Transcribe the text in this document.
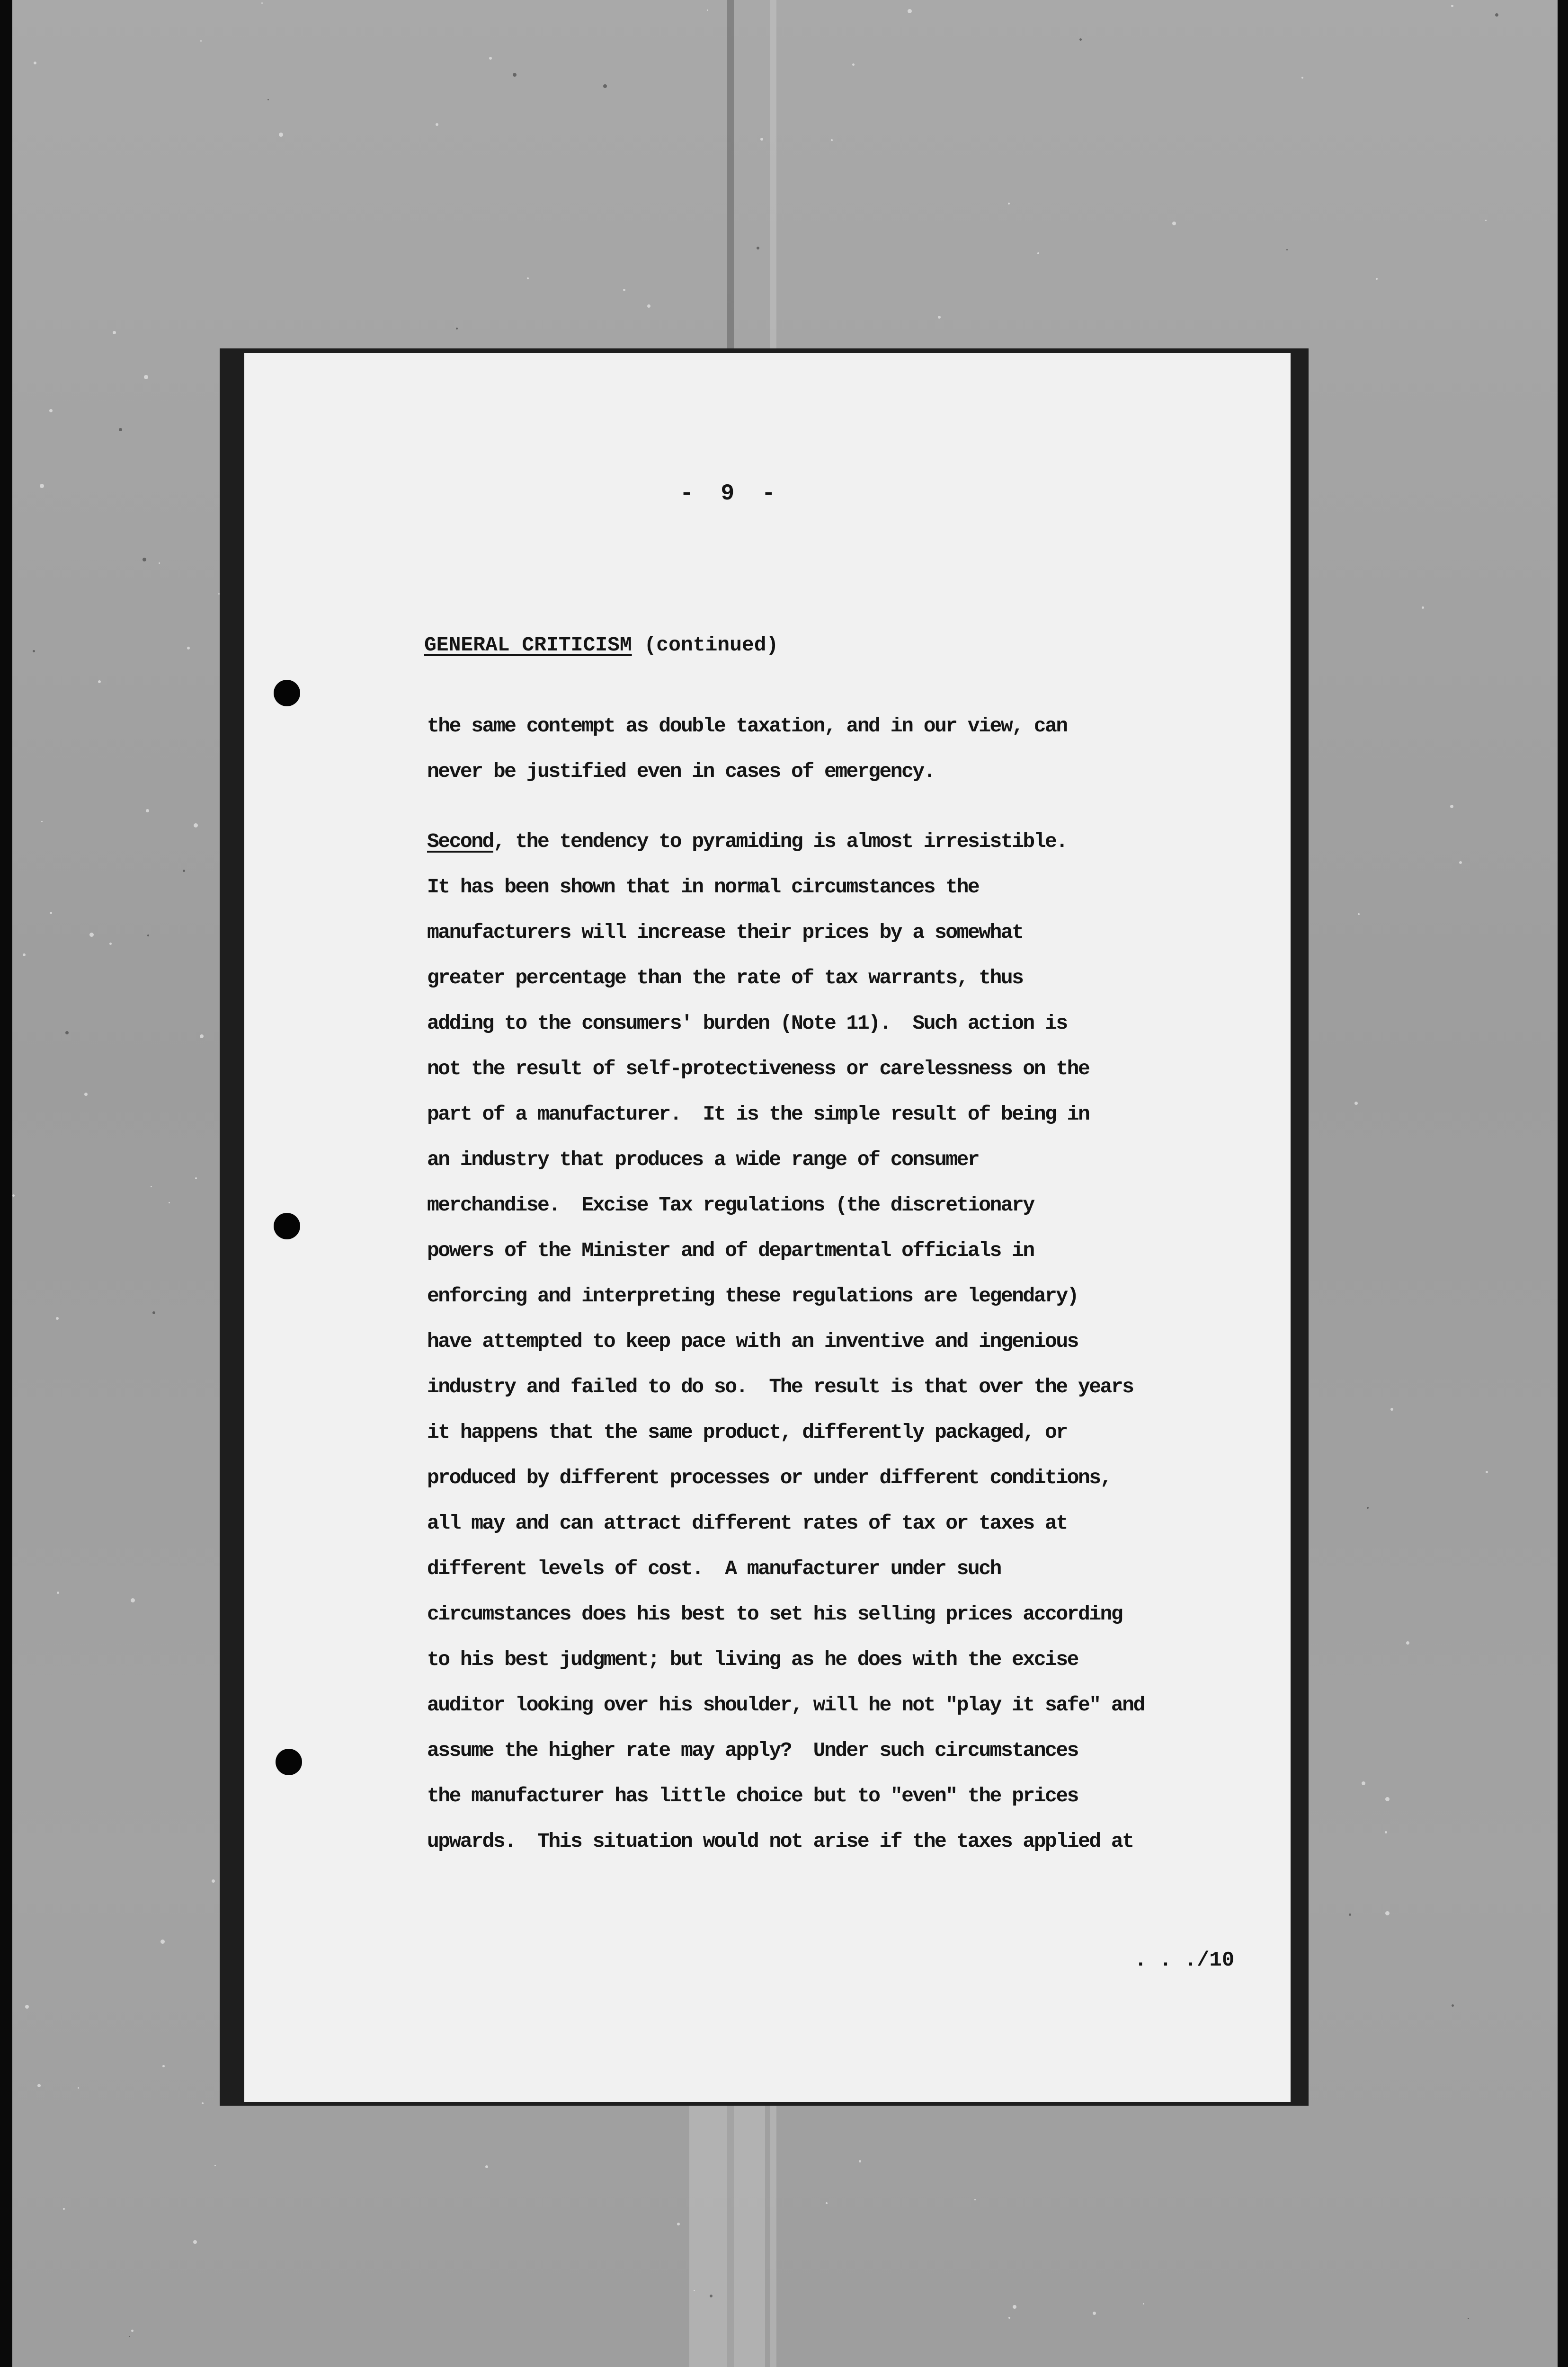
-  9  -
GENERAL CRITICISM (continued)
the same contempt as double taxation, and in our view, can
never be justified even in cases of emergency.
Second, the tendency to pyramiding is almost irresistible.
It has been shown that in normal circumstances the
manufacturers will increase their prices by a somewhat
greater percentage than the rate of tax warrants, thus
adding to the consumers' burden (Note 11).  Such action is
not the result of self-protectiveness or carelessness on the
part of a manufacturer.  It is the simple result of being in
an industry that produces a wide range of consumer
merchandise.  Excise Tax regulations (the discretionary
powers of the Minister and of departmental officials in
enforcing and interpreting these regulations are legendary)
have attempted to keep pace with an inventive and ingenious
industry and failed to do so.  The result is that over the years
it happens that the same product, differently packaged, or
produced by different processes or under different conditions,
all may and can attract different rates of tax or taxes at
different levels of cost.  A manufacturer under such
circumstances does his best to set his selling prices according
to his best judgment; but living as he does with the excise
auditor looking over his shoulder, will he not "play it safe" and
assume the higher rate may apply?  Under such circumstances
the manufacturer has little choice but to "even" the prices
upwards.  This situation would not arise if the taxes applied at
. . ./10
